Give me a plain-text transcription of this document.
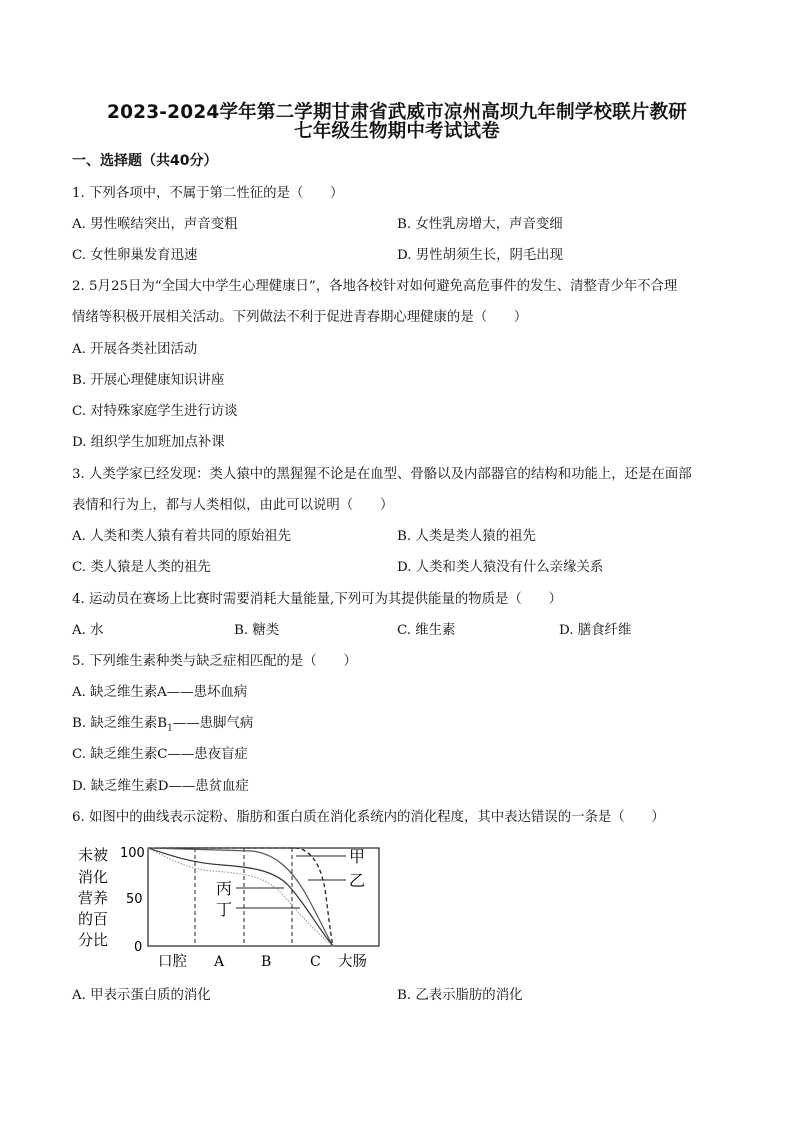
2023-2024学年第二学期甘肃省武威市凉州高坝九年制学校联片教研
七年级生物期中考试试卷
一、选择题（共40分）
1. 下列各项中，不属于第二性征的是（　　）
A. 男性喉结突出，声音变粗	B. 女性乳房增大，声音变细
C. 女性卵巢发育迅速	D. 男性胡须生长，阴毛出现
2. 5月25日为“全国大中学生心理健康日”，各地各校针对如何避免高危事件的发生、清整青少年不合理
情绪等积极开展相关活动。下列做法不利于促进青春期心理健康的是（　　）
A. 开展各类社团活动
B. 开展心理健康知识讲座
C. 对特殊家庭学生进行访谈
D. 组织学生加班加点补课
3. 人类学家已经发现：类人猿中的黑猩猩不论是在血型、骨骼以及内部器官的结构和功能上，还是在面部
表情和行为上，都与人类相似，由此可以说明（　　）
A. 人类和类人猿有着共同的原始祖先	B. 人类是类人猿的祖先
C. 类人猿是人类的祖先	D. 人类和类人猿没有什么亲缘关系
4. 运动员在赛场上比赛时需要消耗大量能量,下列可为其提供能量的物质是（　　）
A. 水	B. 糖类	C. 维生素	D. 膳食纤维
5. 下列维生素种类与缺乏症相匹配的是（　　）
A. 缺乏维生素A——患坏血病
B. 缺乏维生素$B_1——$患脚气病
C. 缺乏维生素C——患夜盲症
D. 缺乏维生素D——患贫血症
6. 如图中的曲线表示淀粉、脂肪和蛋白质在消化系统内的消化程度，其中表达错误的一条是（　　）
未被
消化
营养
的百
分比
100
50
0
甲
乙
丙
丁
口腔 A	B	C 大肠
A. 甲表示蛋白质的消化	B. 乙表示脂肪的消化
